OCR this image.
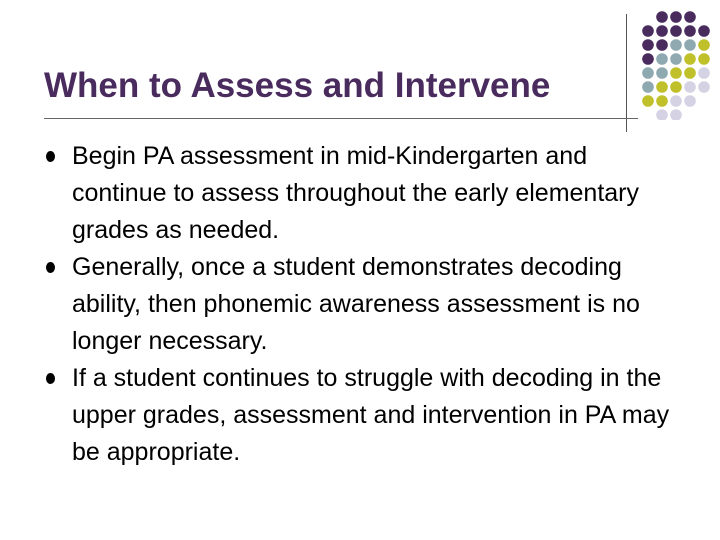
When to Assess and Intervene
Begin PA assessment in mid-Kindergarten and continue to assess throughout the early elementary grades as needed.
Generally, once a student demonstrates decoding ability, then phonemic awareness assessment is no longer necessary.
If a student continues to struggle with decoding in the upper grades, assessment and intervention in PA may be appropriate.
